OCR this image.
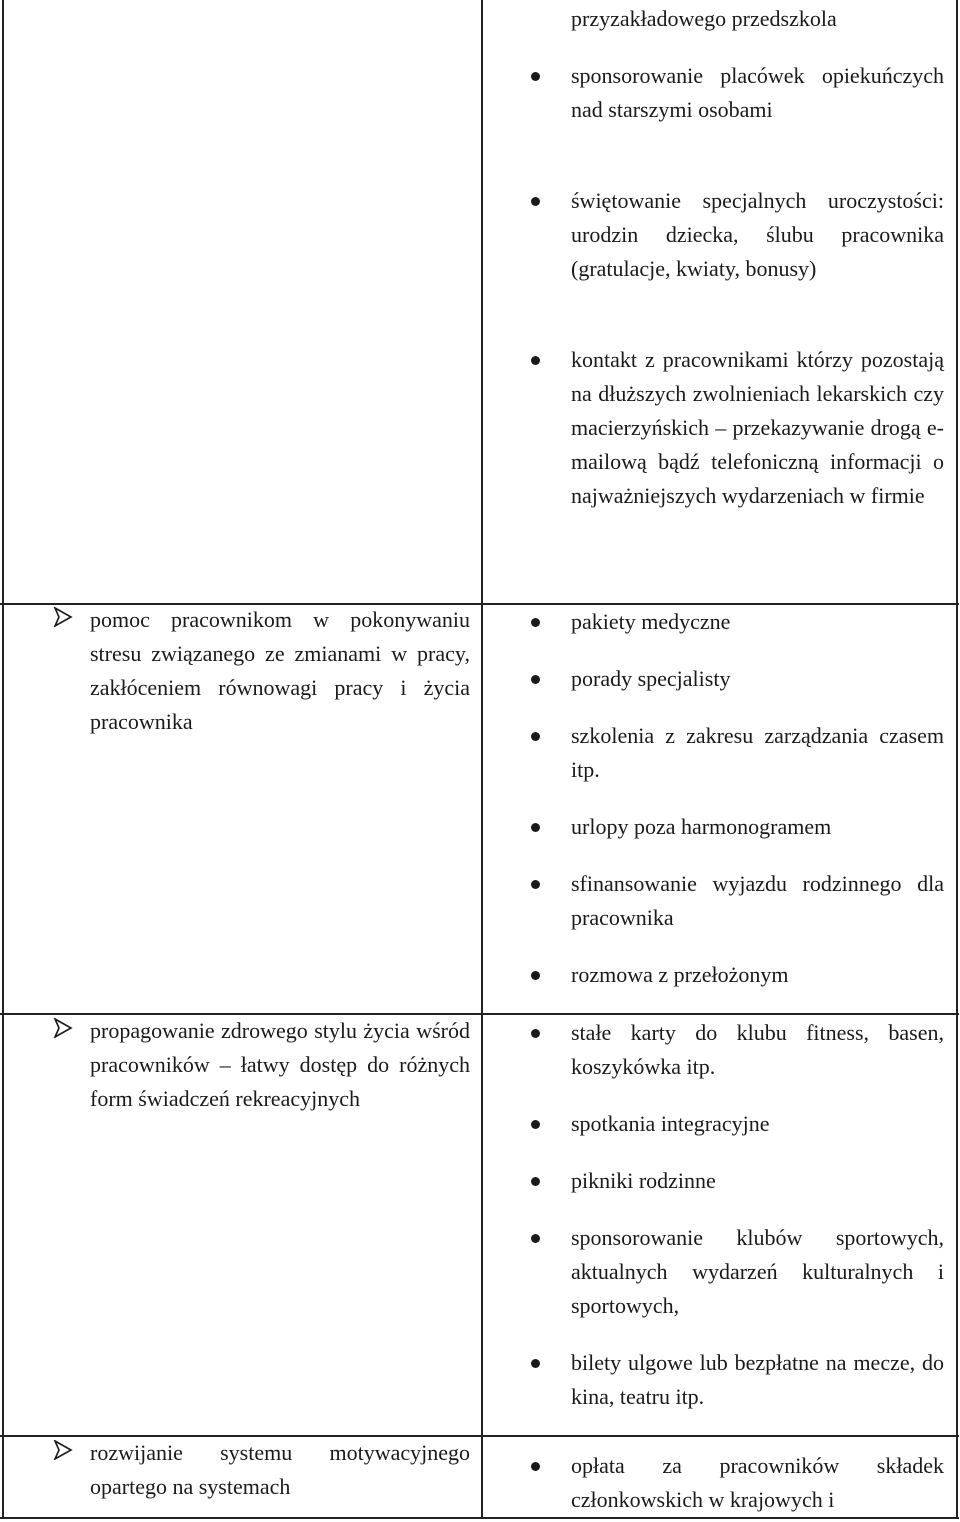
przyzakładowego przedszkola
sponsorowanie placówek opiekuńczych nad starszymi osobami
świętowanie specjalnych uroczystości: urodzin dziecka, ślubu pracownika (gratulacje, kwiaty, bonusy)
kontakt z pracownikami którzy pozostają na dłuższych zwolnieniach lekarskich czy macierzyńskich – przekazywanie drogą e-mailową bądź telefoniczną informacji o najważniejszych wydarzeniach w firmie
pomoc pracownikom w pokonywaniu stresu związanego ze zmianami w pracy, zakłóceniem równowagi pracy i życia pracownika
pakiety medyczne
porady specjalisty
szkolenia z zakresu zarządzania czasem itp.
urlopy poza harmonogramem
sfinansowanie wyjazdu rodzinnego dla pracownika
rozmowa z przełożonym
propagowanie zdrowego stylu życia wśród pracowników – łatwy dostęp do różnych form świadczeń rekreacyjnych
stałe karty do klubu fitness, basen, koszykówka itp.
spotkania integracyjne
pikniki rodzinne
sponsorowanie klubów sportowych, aktualnych wydarzeń kulturalnych i sportowych,
bilety ulgowe lub bezpłatne na mecze, do kina, teatru itp.
rozwijanie systemu motywacyjnego opartego na systemach
opłata za pracowników składek członkowskich w krajowych i
